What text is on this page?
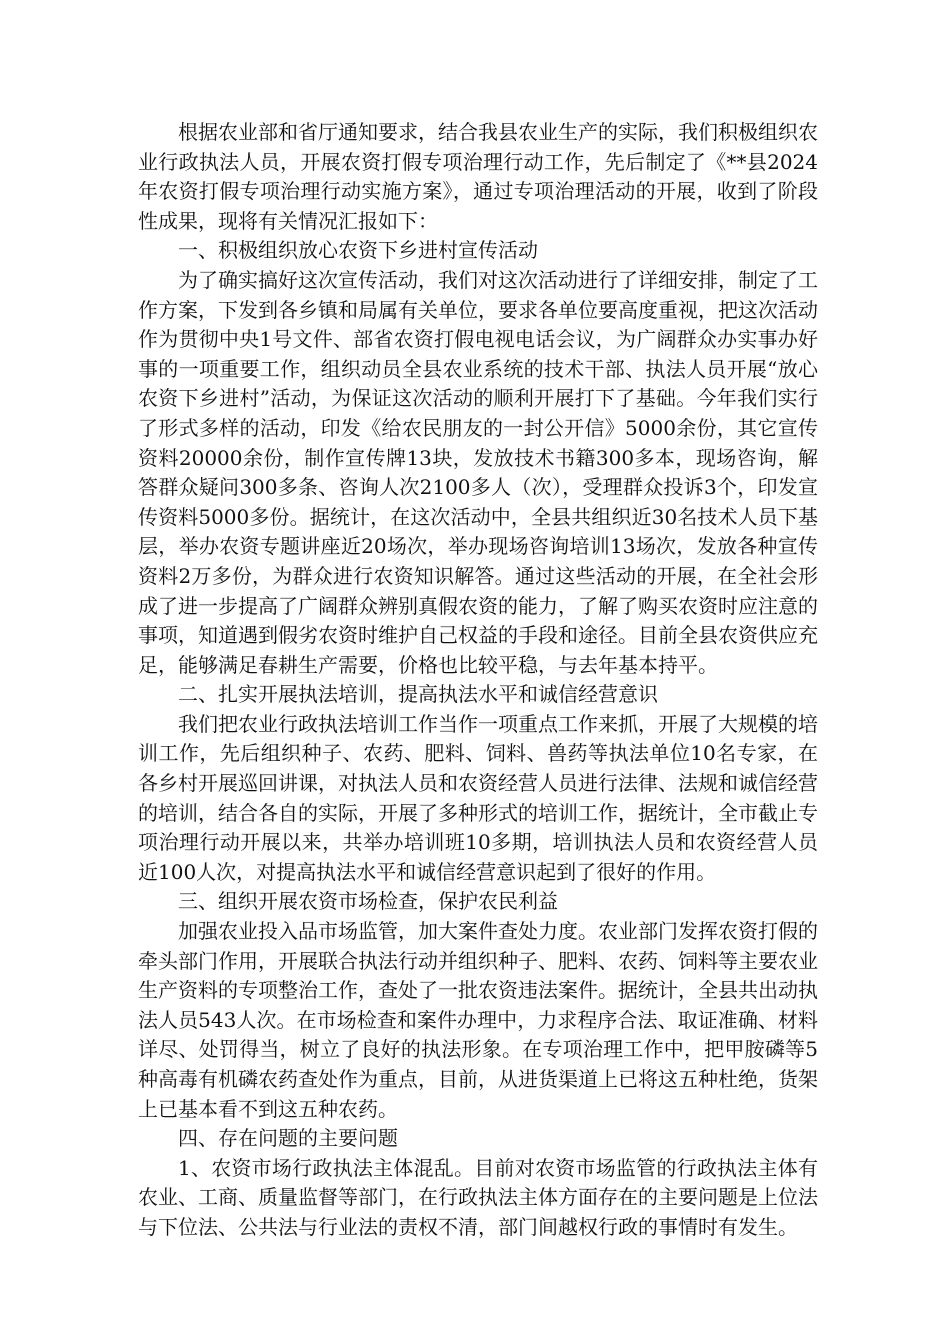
根据农业部和省厅通知要求，结合我县农业生产的实际，我们积极组织农业行政执法人员，开展农资打假专项治理行动工作，先后制定了《**县2024年农资打假专项治理行动实施方案》，通过专项治理活动的开展，收到了阶段性成果，现将有关情况汇报如下：

一、积极组织放心农资下乡进村宣传活动

为了确实搞好这次宣传活动，我们对这次活动进行了详细安排，制定了工作方案，下发到各乡镇和局属有关单位，要求各单位要高度重视，把这次活动作为贯彻中央1号文件、部省农资打假电视电话会议，为广阔群众办实事办好事的一项重要工作，组织动员全县农业系统的技术干部、执法人员开展“放心农资下乡进村”活动，为保证这次活动的顺利开展打下了基础。今年我们实行了形式多样的活动，印发《给农民朋友的一封公开信》5000余份，其它宣传资料20000余份，制作宣传牌13块，发放技术书籍300多本，现场咨询，解答群众疑问300多条、咨询人次2100多人（次），受理群众投诉3个，印发宣传资料5000多份。据统计，在这次活动中，全县共组织近30名技术人员下基层，举办农资专题讲座近20场次，举办现场咨询培训13场次，发放各种宣传资料2万多份，为群众进行农资知识解答。通过这些活动的开展，在全社会形成了进一步提高了广阔群众辨别真假农资的能力，了解了购买农资时应注意的事项，知道遇到假劣农资时维护自己权益的手段和途径。目前全县农资供应充足，能够满足春耕生产需要，价格也比较平稳，与去年基本持平。

二、扎实开展执法培训，提高执法水平和诚信经营意识

我们把农业行政执法培训工作当作一项重点工作来抓，开展了大规模的培训工作，先后组织种子、农药、肥料、饲料、兽药等执法单位10名专家，在各乡村开展巡回讲课，对执法人员和农资经营人员进行法律、法规和诚信经营的培训，结合各自的实际，开展了多种形式的培训工作，据统计，全市截止专项治理行动开展以来，共举办培训班10多期，培训执法人员和农资经营人员近100人次，对提高执法水平和诚信经营意识起到了很好的作用。

三、组织开展农资市场检查，保护农民利益

加强农业投入品市场监管，加大案件查处力度。农业部门发挥农资打假的牵头部门作用，开展联合执法行动并组织种子、肥料、农药、饲料等主要农业生产资料的专项整治工作，查处了一批农资违法案件。据统计，全县共出动执法人员543人次。在市场检查和案件办理中，力求程序合法、取证准确、材料详尽、处罚得当，树立了良好的执法形象。在专项治理工作中，把甲胺磷等5种高毒有机磷农药查处作为重点，目前，从进货渠道上已将这五种杜绝，货架上已基本看不到这五种农药。

四、存在问题的主要问题

1、农资市场行政执法主体混乱。目前对农资市场监管的行政执法主体有农业、工商、质量监督等部门，在行政执法主体方面存在的主要问题是上位法与下位法、公共法与行业法的责权不清，部门间越权行政的事情时有发生。
